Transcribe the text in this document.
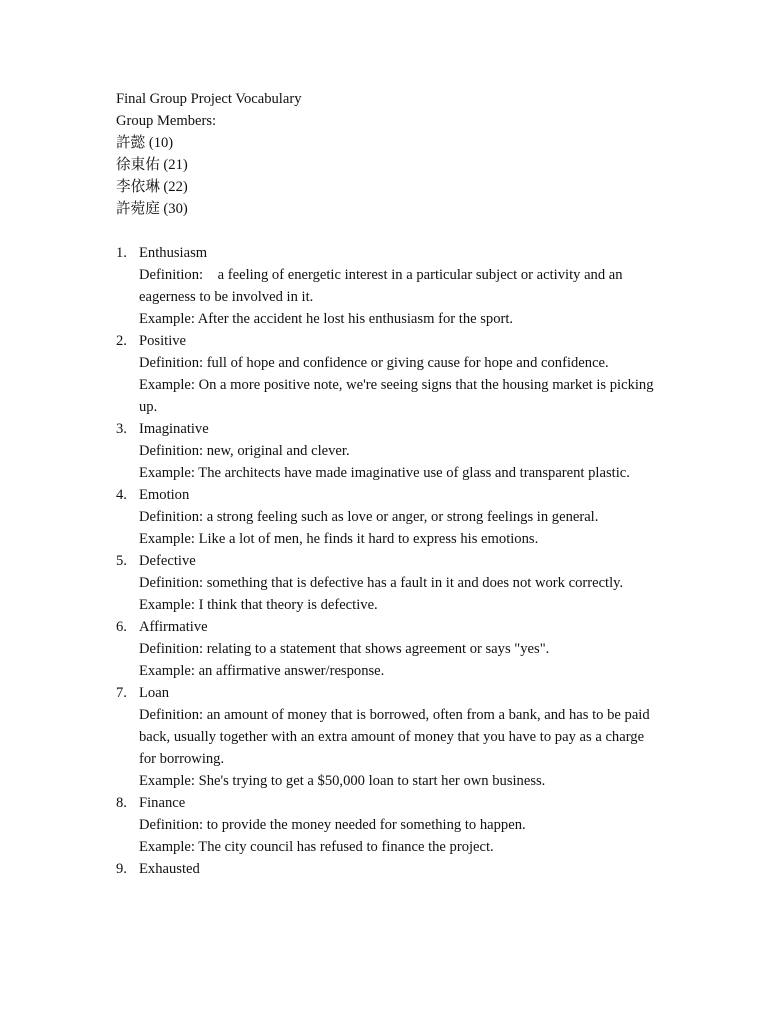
Final Group Project Vocabulary
Group Members:
許懿 (10)
徐東佑 (21)
李依琳 (22)
許菀庭 (30)
1. Enthusiasm
Definition:    a feeling of energetic interest in a particular subject or activity and an eagerness to be involved in it.
Example: After the accident he lost his enthusiasm for the sport.
2. Positive
Definition: full of hope and confidence or giving cause for hope and confidence.
Example: On a more positive note, we're seeing signs that the housing market is picking up.
3. Imaginative
Definition: new, original and clever.
Example: The architects have made imaginative use of glass and transparent plastic.
4. Emotion
Definition: a strong feeling such as love or anger, or strong feelings in general.
Example: Like a lot of men, he finds it hard to express his emotions.
5. Defective
Definition: something that is defective has a fault in it and does not work correctly.
Example: I think that theory is defective.
6. Affirmative
Definition: relating to a statement that shows agreement or says "yes".
Example: an affirmative answer/response.
7. Loan
Definition: an amount of money that is borrowed, often from a bank, and has to be paid back, usually together with an extra amount of money that you have to pay as a charge for borrowing.
Example: She's trying to get a $50,000 loan to start her own business.
8. Finance
Definition: to provide the money needed for something to happen.
Example: The city council has refused to finance the project.
9. Exhausted
